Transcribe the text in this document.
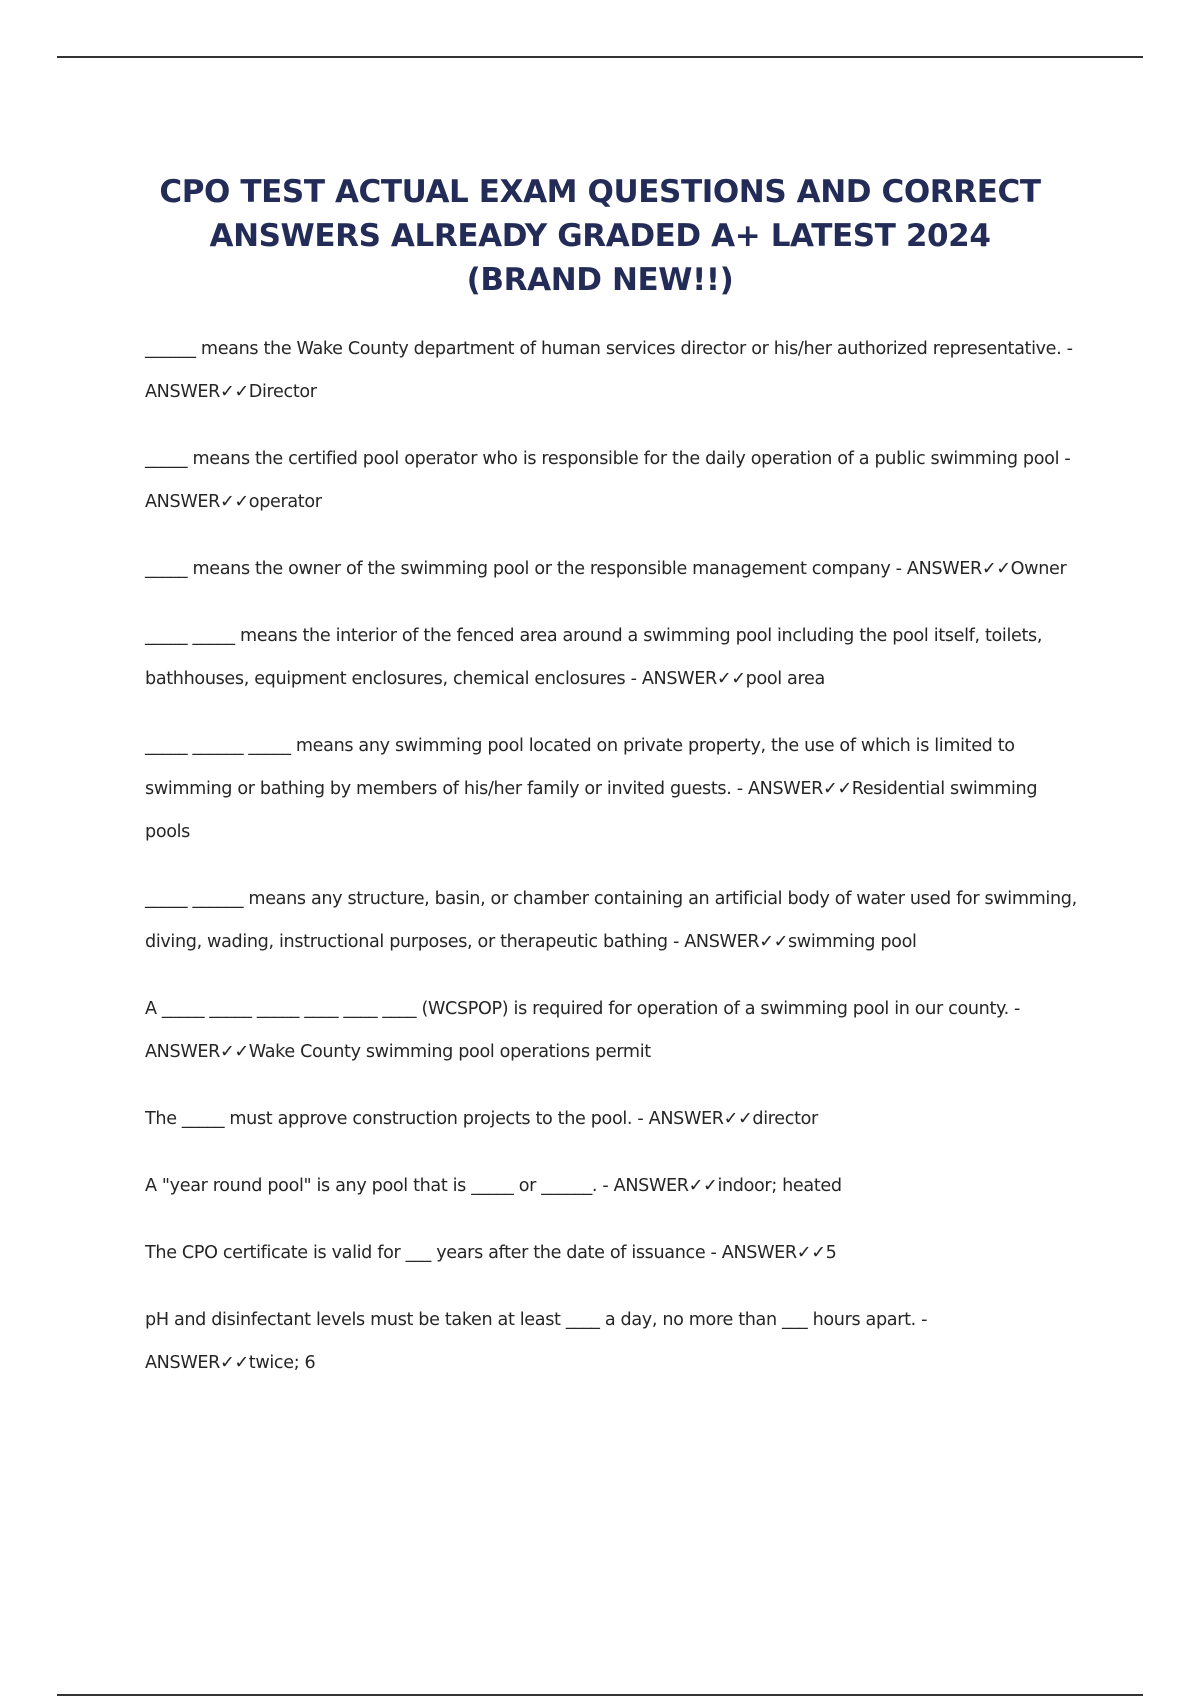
CPO TEST ACTUAL EXAM QUESTIONS AND CORRECT ANSWERS ALREADY GRADED A+ LATEST 2024 (BRAND NEW!!)
______ means the Wake County department of human services director or his/her authorized representative. - ANSWER✓✓Director
_____ means the certified pool operator who is responsible for the daily operation of a public swimming pool - ANSWER✓✓operator
_____ means the owner of the swimming pool or the responsible management company - ANSWER✓✓Owner
_____ _____ means the interior of the fenced area around a swimming pool including the pool itself, toilets, bathhouses, equipment enclosures, chemical enclosures - ANSWER✓✓pool area
_____ ______ _____ means any swimming pool located on private property, the use of which is limited to swimming or bathing by members of his/her family or invited guests. - ANSWER✓✓Residential swimming pools
_____ ______ means any structure, basin, or chamber containing an artificial body of water used for swimming, diving, wading, instructional purposes, or therapeutic bathing - ANSWER✓✓swimming pool
A _____ _____ _____ ____ ____ ____ (WCSPOP) is required for operation of a swimming pool in our county. - ANSWER✓✓Wake County swimming pool operations permit
The _____ must approve construction projects to the pool. - ANSWER✓✓director
A "year round pool" is any pool that is _____ or ______. - ANSWER✓✓indoor; heated
The CPO certificate is valid for ___ years after the date of issuance - ANSWER✓✓5
pH and disinfectant levels must be taken at least ____ a day, no more than ___ hours apart. - ANSWER✓✓twice; 6
